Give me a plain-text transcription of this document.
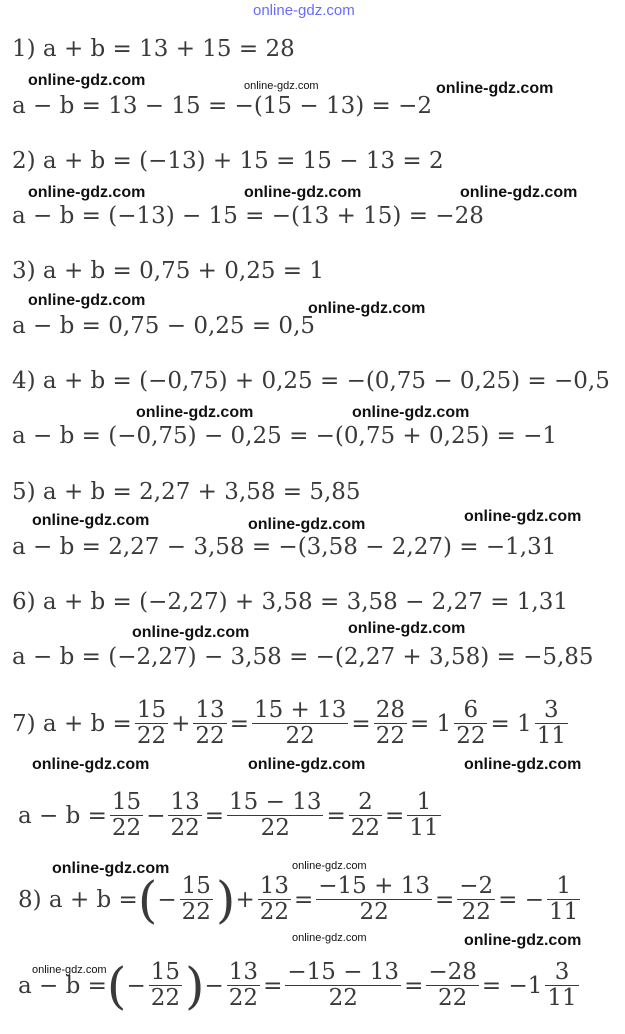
online-gdz.com
1) a + b = 13 + 15 = 28
a − b = 13 − 15 = −(15 − 13) = −2
2) a + b = (−13) + 15 = 15 − 13 = 2
a − b = (−13) − 15 = −(13 + 15) = −28
3) a + b = 0,75 + 0,25 = 1
a − b = 0,75 − 0,25 = 0,5
4) a + b = (−0,75) + 0,25 = −(0,75 − 0,25) = −0,5
a − b = (−0,75) − 0,25 = −(0,75 + 0,25) = −1
5) a + b = 2,27 + 3,58 = 5,85
a − b = 2,27 − 3,58 = −(3,58 − 2,27) = −1,31
6) a + b = (−2,27) + 3,58 = 3,58 − 2,27 = 1,31
a − b = (−2,27) − 3,58 = −(2,27 + 3,58) = −5,85
7) $a + b = \frac{15}{22} + \frac{13}{22} = \frac{15 + 13}{22} = \frac{28}{22} = 1 \frac{6}{22} = 1 \frac{3}{11}$
$a - b = \frac{15}{22} - \frac{13}{22} = \frac{15 - 13}{22} = \frac{2}{22} = \frac{1}{11}$
8) a + b = ( − $\frac{15}{22}$ ) + $\frac{13}{22} = \frac{-15 + 13}{22} = \frac{-2}{22}$ = − $\frac{1}{11}$
a − b = ( − $\frac{15}{22}$ ) − $\frac{13}{22} = \frac{-15 - 13}{22} = \frac{-28}{22} = -1 \frac{3}{11}$
online-gdz.com	online-gdz.com	online-gdz.com
online-gdz.com	online-gdz.com	online-gdz.com
online-gdz.com	online-gdz.com
online-gdz.com	online-gdz.com
online-gdz.com	online-gdz.com	online-gdz.com
online-gdz.com	online-gdz.com
online-gdz.com	online-gdz.com	online-gdz.com
online-gdz.com	online-gdz.com
online-gdz.com	online-gdz.com
online-gdz.com
